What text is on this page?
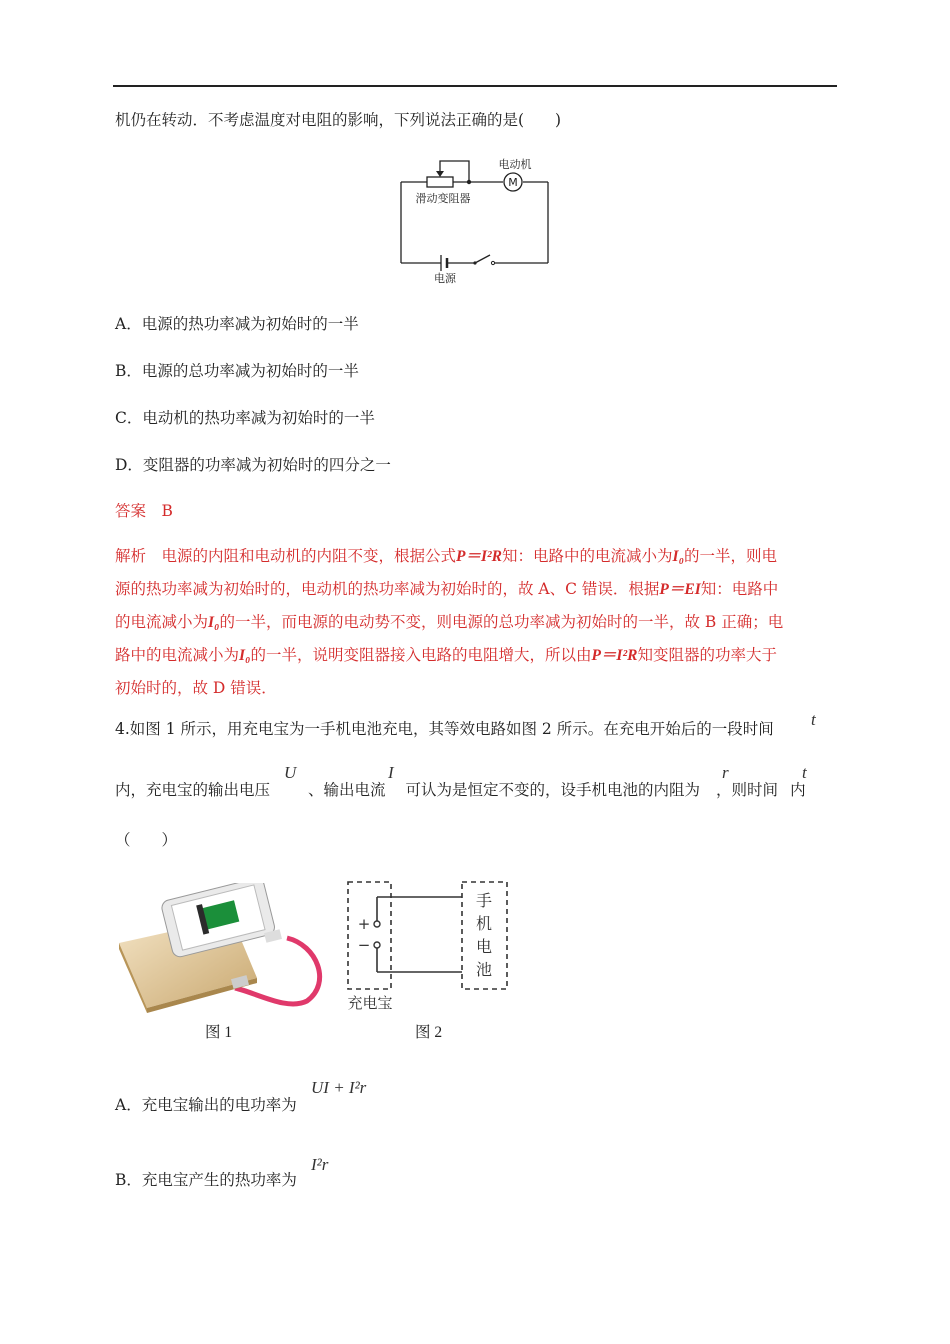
机仍在转动．不考虑温度对电阻的影响，下列说法正确的是(　　)
M
电动机
滑动变阻器
电源
A．电源的热功率减为初始时的一半
B．电源的总功率减为初始时的一半
C．电动机的热功率减为初始时的一半
D．变阻器的功率减为初始时的四分之一
答案　B
解析　电源的内阻和电动机的内阻不变，根据公式P＝I²R知：电路中的电流减小为I₀的一半，则电
源的热功率减为初始时的，电动机的热功率减为初始时的，故 A、C 错误．根据P＝EI知：电路中
的电流减小为I₀的一半，而电源的电动势不变，则电源的总功率减为初始时的一半，故 B 正确；电
路中的电流减小为I₀的一半，说明变阻器接入电路的电阻增大，所以由P＝I²R知变阻器的功率大于
初始时的，故 D 错误．
4.如图 1 所示，用充电宝为一手机电池充电，其等效电路如图 2 所示。在充电开始后的一段时间 t
内，充电宝的输出电压 、输出电流 可认为是恒定不变的，设手机电池的内阻为 ，则时间 内
U	I	r	t
（　　）
图 1
+
−
手
机
电
池
充电宝
图 2
A．充电宝输出的电功率为
UI + I²r
B．充电宝产生的热功率为
I²r
